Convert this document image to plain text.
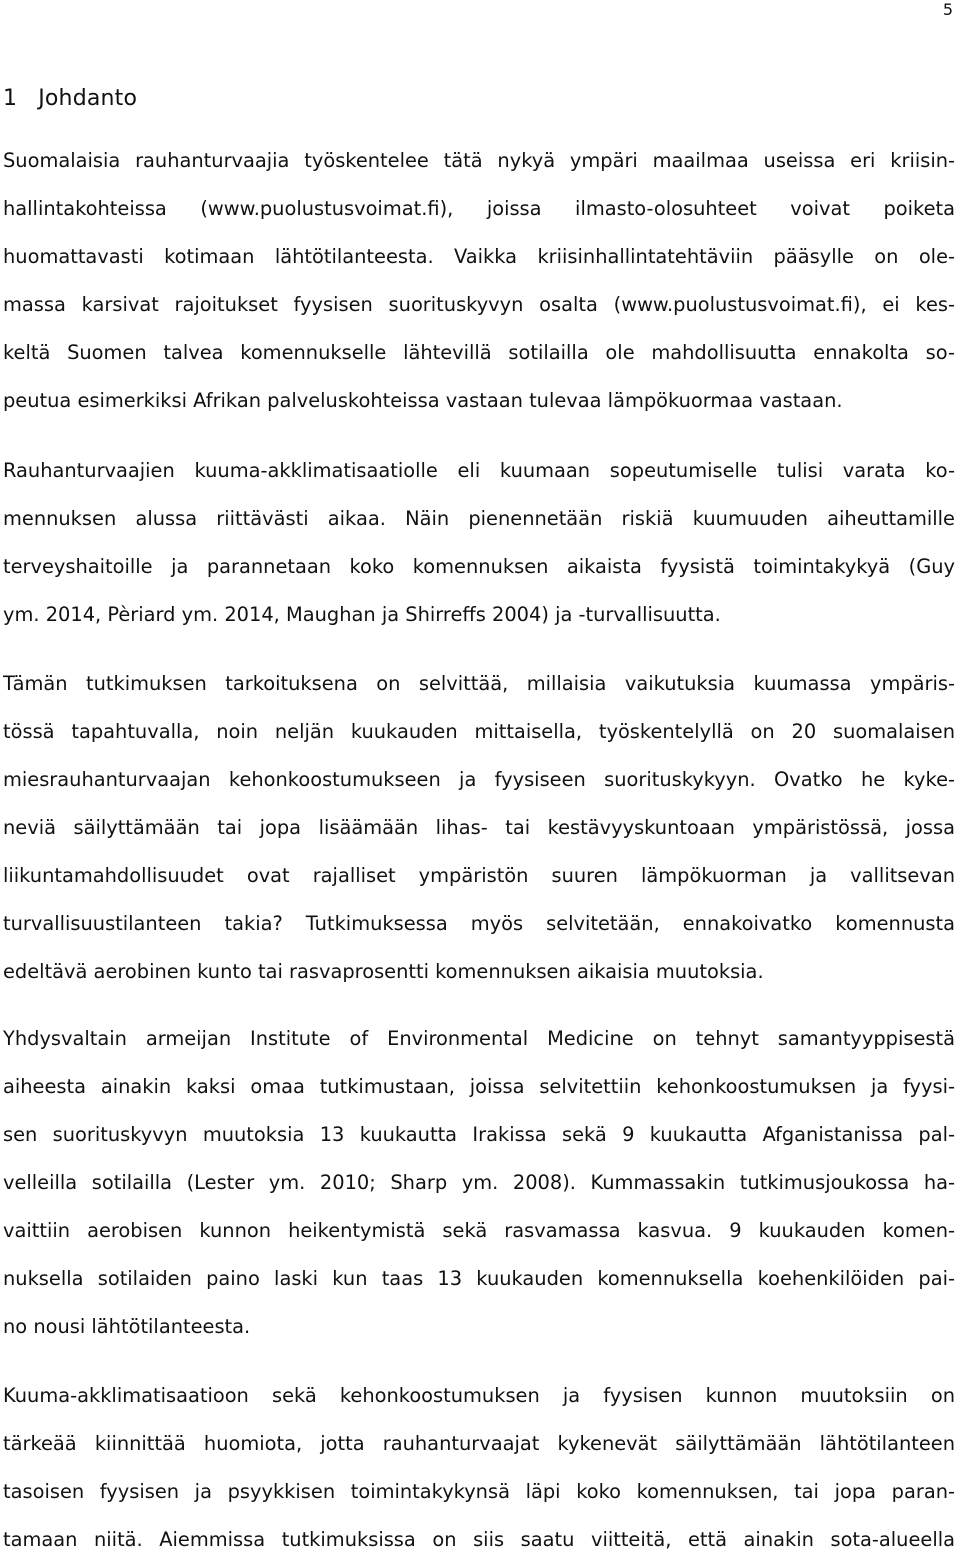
5
1 Johdanto
Suomalaisia rauhanturvaajia työskentelee tätä nykyä ympäri maailmaa useissa eri kriisin-
hallintakohteissa (www.puolustusvoimat.fi), joissa ilmasto-olosuhteet voivat poiketa
huomattavasti kotimaan lähtötilanteesta. Vaikka kriisinhallintatehtäviin pääsylle on ole-
massa karsivat rajoitukset fyysisen suorituskyvyn osalta (www.puolustusvoimat.fi), ei kes-
keltä Suomen talvea komennukselle lähtevillä sotilailla ole mahdollisuutta ennakolta so-
peutua esimerkiksi Afrikan palveluskohteissa vastaan tulevaa lämpökuormaa vastaan.
Rauhanturvaajien kuuma-akklimatisaatiolle eli kuumaan sopeutumiselle tulisi varata ko-
mennuksen alussa riittävästi aikaa. Näin pienennetään riskiä kuumuuden aiheuttamille
terveyshaitoille ja parannetaan koko komennuksen aikaista fyysistä toimintakykyä (Guy
ym. 2014, Pèriard ym. 2014, Maughan ja Shirreffs 2004) ja -turvallisuutta.
Tämän tutkimuksen tarkoituksena on selvittää, millaisia vaikutuksia kuumassa ympäris-
tössä tapahtuvalla, noin neljän kuukauden mittaisella, työskentelyllä on 20 suomalaisen
miesrauhanturvaajan kehonkoostumukseen ja fyysiseen suorituskykyyn. Ovatko he kyke-
neviä säilyttämään tai jopa lisäämään lihas- tai kestävyyskuntoaan ympäristössä, jossa
liikuntamahdollisuudet ovat rajalliset ympäristön suuren lämpökuorman ja vallitsevan
turvallisuustilanteen takia? Tutkimuksessa myös selvitetään, ennakoivatko komennusta
edeltävä aerobinen kunto tai rasvaprosentti komennuksen aikaisia muutoksia.
Yhdysvaltain armeijan Institute of Environmental Medicine on tehnyt samantyyppisestä
aiheesta ainakin kaksi omaa tutkimustaan, joissa selvitettiin kehonkoostumuksen ja fyysi-
sen suorituskyvyn muutoksia 13 kuukautta Irakissa sekä 9 kuukautta Afganistanissa pal-
velleilla sotilailla (Lester ym. 2010; Sharp ym. 2008). Kummassakin tutkimusjoukossa ha-
vaittiin aerobisen kunnon heikentymistä sekä rasvamassa kasvua. 9 kuukauden komen-
nuksella sotilaiden paino laski kun taas 13 kuukauden komennuksella koehenkilöiden pai-
no nousi lähtötilanteesta.
Kuuma-akklimatisaatioon sekä kehonkoostumuksen ja fyysisen kunnon muutoksiin on
tärkeää kiinnittää huomiota, jotta rauhanturvaajat kykenevät säilyttämään lähtötilanteen
tasoisen fyysisen ja psyykkisen toimintakykynsä läpi koko komennuksen, tai jopa paran-
tamaan niitä. Aiemmissa tutkimuksissa on siis saatu viitteitä, että ainakin sota-alueella
